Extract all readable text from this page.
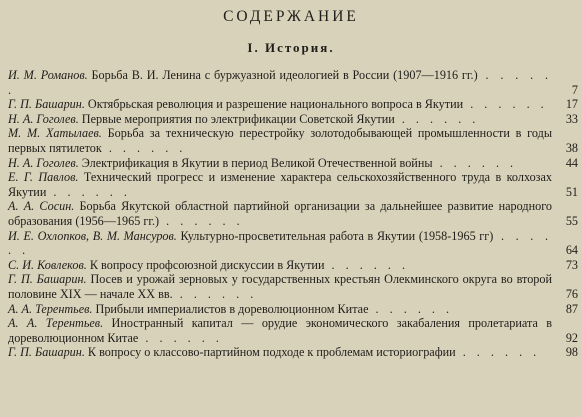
СОДЕРЖАНИЕ
I. История.
И. М. Романов. Борьба В. И. Ленина с буржуазной идеологией в России (1907—1916 гг.) . . . . . .	7
Г. П. Башарин. Октябрьская революция и разрешение национального вопроса в Якутии . . . . . .	17
Н. А. Гоголев. Первые мероприятия по электрификации Советской Якутии . . . . . .	33
М. М. Хатылаев. Борьба за техническую перестройку золотодобывающей промышленности в годы первых пятилеток . . . . . .	38
Н. А. Гоголев. Электрификация в Якутии в период Великой Отечественной войны . . . . . .	44
Е. Г. Павлов. Технический прогресс и изменение характера сельскохозяйственного труда в колхозах Якутии . . . . . .	51
А. А. Сосин. Борьба Якутской областной партийной организации за дальнейшее развитие народного образования (1956—1965 гг.) . . . . . .	55
И. Е. Охлопков, В. М. Мансуров. Культурно-просветительная работа в Якутии (1958-1965 гг) . . . . . .	64
С. И. Ковлеков. К вопросу профсоюзной дискуссии в Якутии . . . . . .	73
Г. П. Башарин. Посев и урожай зерновых у государственных крестьян Олекминского округа во второй половине XIX — начале XX вв. . . . . . .	76
А. А. Терентьев. Прибыли империалистов в дореволюционном Китае . . . . . .	87
А. А. Терентьев. Иностранный капитал — орудие экономического закабаления пролетариата в дореволюционном Китае . . . . . .	92
Г. П. Башарин. К вопросу о классово-партийном подходе к проблемам историографии . . . . . .	98
